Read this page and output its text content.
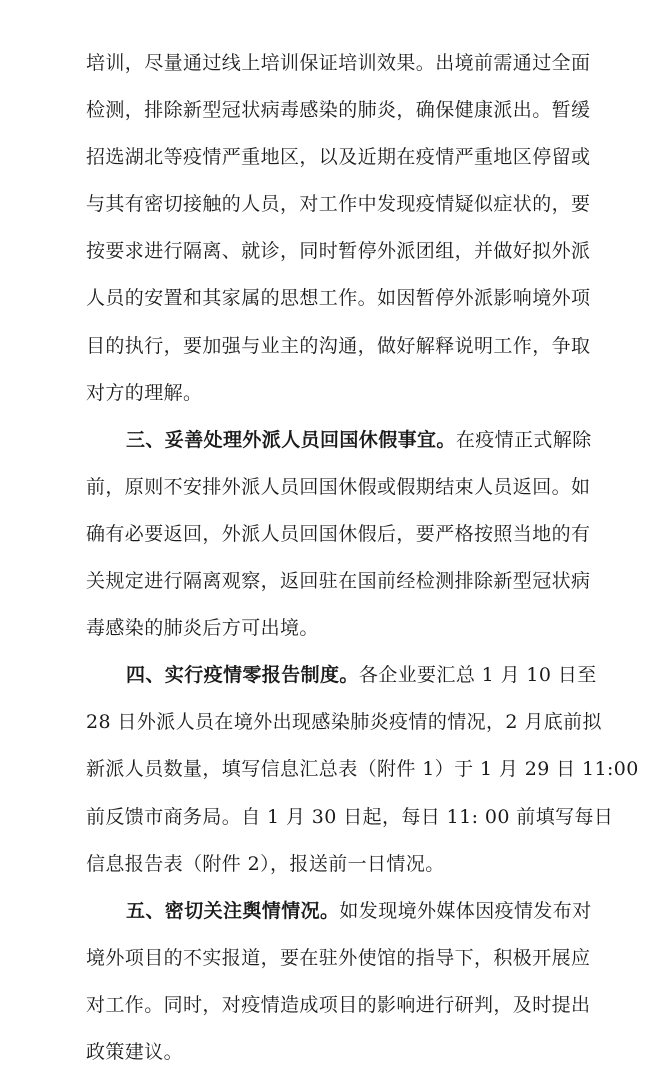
培训，尽量通过线上培训保证培训效果。出境前需通过全面
检测，排除新型冠状病毒感染的肺炎，确保健康派出。暂缓
招选湖北等疫情严重地区，以及近期在疫情严重地区停留或
与其有密切接触的人员，对工作中发现疫情疑似症状的，要
按要求进行隔离、就诊，同时暂停外派团组，并做好拟外派
人员的安置和其家属的思想工作。如因暂停外派影响境外项
目的执行，要加强与业主的沟通，做好解释说明工作，争取
对方的理解。
三、妥善处理外派人员回国休假事宜。在疫情正式解除
前，原则不安排外派人员回国休假或假期结束人员返回。如
确有必要返回，外派人员回国休假后，要严格按照当地的有
关规定进行隔离观察，返回驻在国前经检测排除新型冠状病
毒感染的肺炎后方可出境。
四、实行疫情零报告制度。各企业要汇总 1 月 10 日至
28 日外派人员在境外出现感染肺炎疫情的情况，2 月底前拟
新派人员数量，填写信息汇总表（附件 1）于 1 月 29 日 11:00
前反馈市商务局。自 1 月 30 日起，每日 11: 00 前填写每日
信息报告表（附件 2），报送前一日情况。
五、密切关注舆情情况。如发现境外媒体因疫情发布对
境外项目的不实报道，要在驻外使馆的指导下，积极开展应
对工作。同时，对疫情造成项目的影响进行研判，及时提出
政策建议。
